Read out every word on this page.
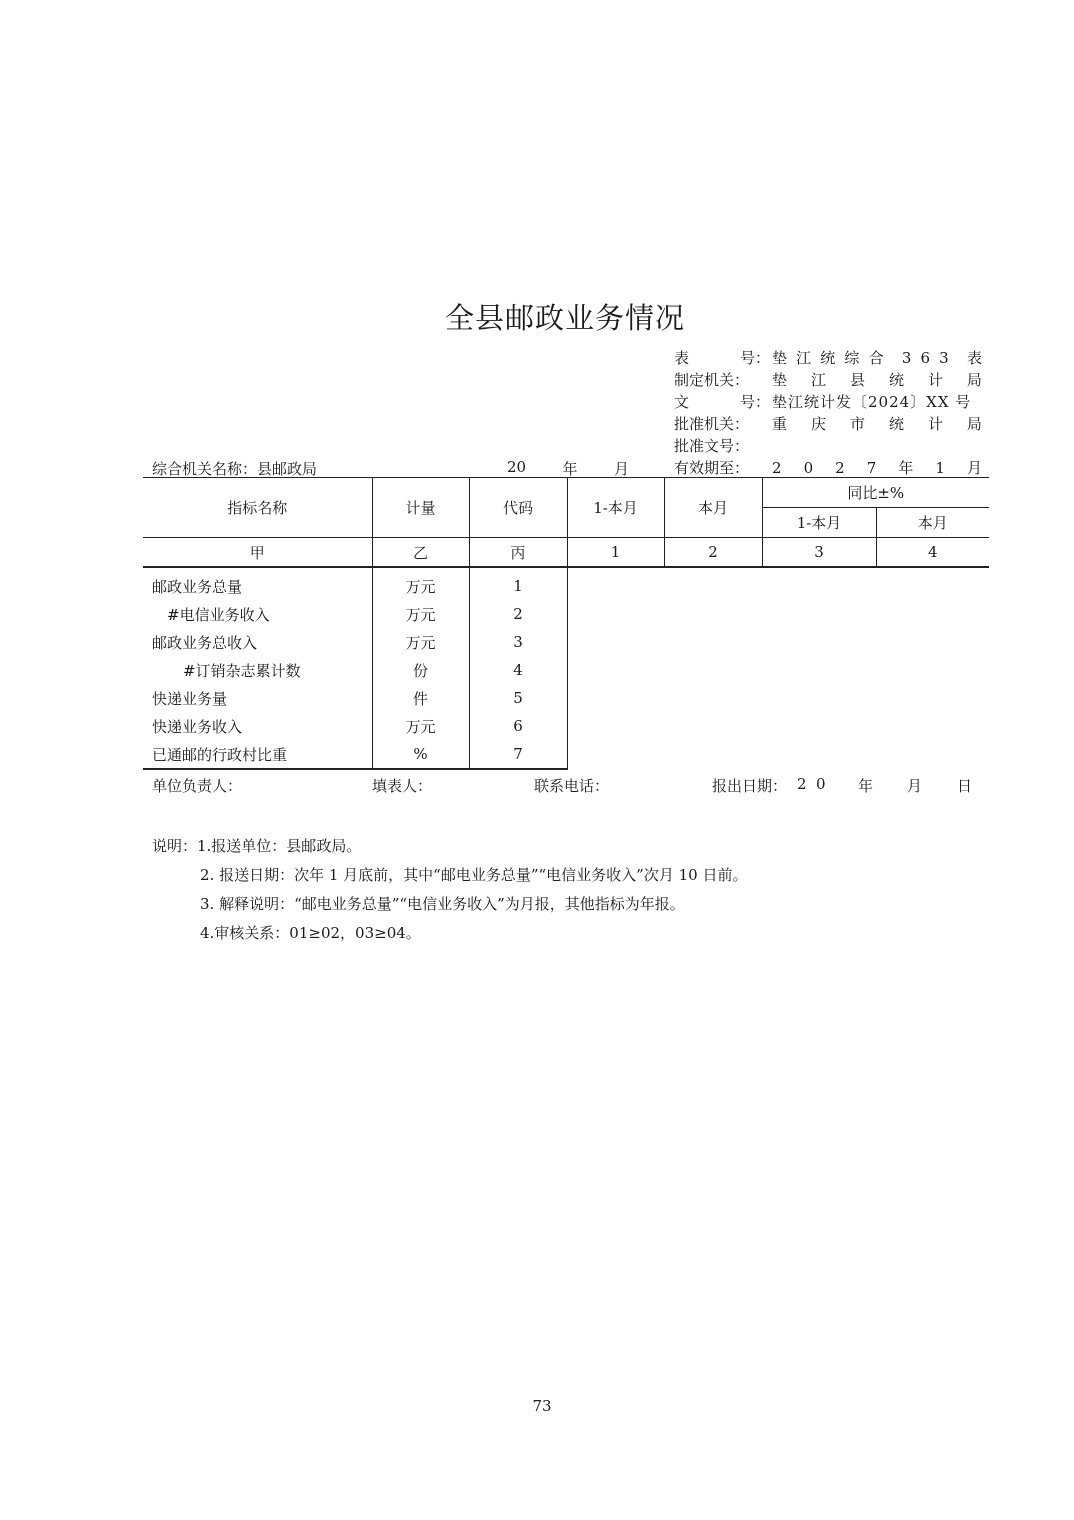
全县邮政业务情况
表	号： 垫 江 统 综 合 3 6 3 表
制定机关：	垫 江 县 统 计 局
文	号： 垫江统计发〔2024〕XX 号
批准机关：	重 庆 市 统 计 局
批准文号：
有效期至：	2 0 2 7 年 1 月
综合机关名称：县邮政局	20 年 月
指标名称	计量	代码	1-本月	本月	同比±%	
					1-本月	本月
甲	乙	丙	1	2	3	4
邮政业务总量	万元	1				
#电信业务收入	万元	2				
邮政业务总收入	万元	3				
#订销杂志累计数	份	4				
快递业务量	件	5				
快递业务收入	万元	6				
已通邮的行政村比重	%	7				
单位负责人：	填表人：	联系电话：	报出日期： 2 0 年 月 日
说明：1.报送单位：县邮政局。
2. 报送日期：次年 1 月底前，其中“邮电业务总量”“电信业务收入”次月 10 日前。
3. 解释说明：“邮电业务总量”“电信业务收入”为月报，其他指标为年报。
4.审核关系：01≥02，03≥04。
73
